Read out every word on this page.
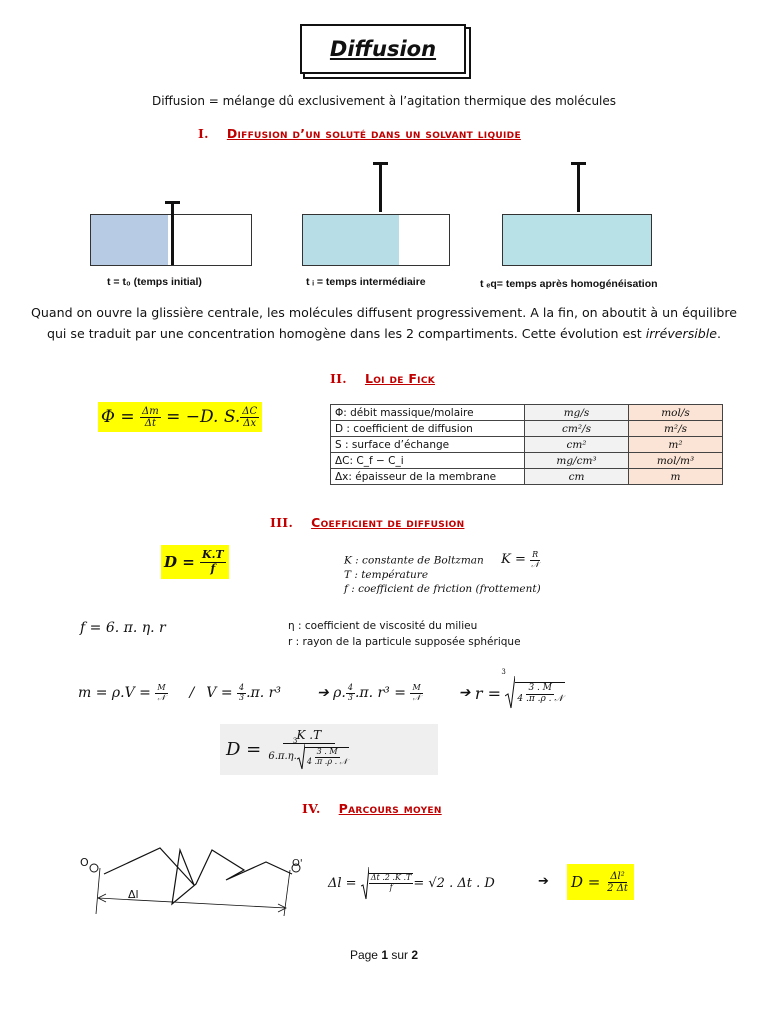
Diffusion
Diffusion = mélange dû exclusivement à l’agitation thermique des molécules
I. Diffusion d’un soluté dans un solvant liquide
t = t₀ (temps initial)	t ᵢ = temps intermédiaire	t ₑq= temps après homogénéisation
Quand on ouvre la glissière centrale, les molécules diffusent progressivement. A la fin, on aboutit à un équilibre qui se traduit par une concentration homogène dans les 2 compartiments. Cette évolution est irréversible.
II. Loi de Fick
Φ =
$\frac{\Delta m}{\Delta t}$
= −D. S. $\frac{\Delta C}{\Delta x}$	Φ: débit massique/molaire	mg/s	mol/s
D : coefficient de diffusion	cm²/s	m²/s
S : surface d’échange	cm²	m²
ΔC: C_f − C_i	mg/cm³	mol/m³
Δx: épaisseur de la membrane	cm	m
III. Coefficient de diffusion
D =
$\frac{K.T}{f}$	K : constante de Boltzman $K = \frac{R}{\text{𝒩}}$
T : température
f : coefficient de friction (frottement)
f = 6. π. η. r	η : coefficient de viscosité du milieu
r : rayon de la particule supposée sphérique
m = ρ.V =
$\frac{M}{\text{𝒩}}$ / V =
$\frac{4}{3} .\pi$. r³	➔
ρ. $\frac{4}{3} .\pi$. r³ =
$\frac{M}{\text{𝒩}}$	➔
r =

3
$\frac{3 . M}{\text{4 .π .ρ . 𝒩}}$
D =

K .T
6.π.η.
3
$\frac{3 . M}{\text{4 .π .ρ . 𝒩}}$
IV. Parcours moyen
O	O'
Δl
Δl =
$\frac{\Delta t .2 .K .T}{f} = √2$ . Δt . D	➔ D =
$\frac{\text{Δl²}}{2 \Delta t}$
Page 1 sur 2
